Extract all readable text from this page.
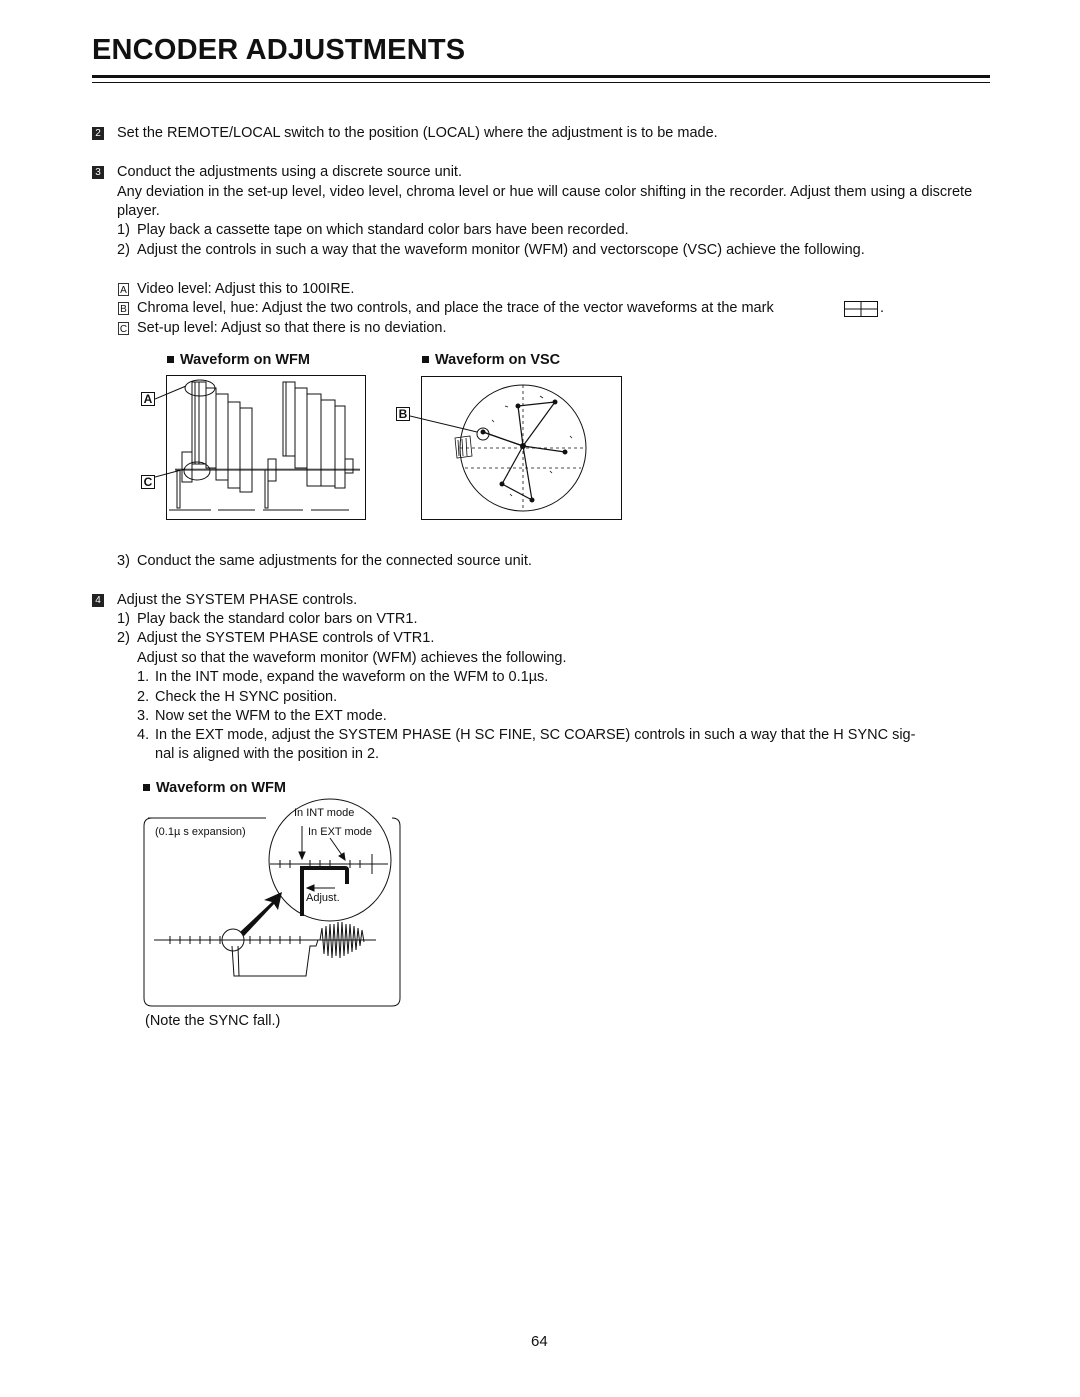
ENCODER ADJUSTMENTS
2 Set the REMOTE/LOCAL switch to the position (LOCAL) where the adjustment is to be made.
3 Conduct the adjustments using a discrete source unit.
Any deviation in the set-up level, video level, chroma level or hue will cause color shifting in the recorder. Adjust them using a discrete player.
1) Play back a cassette tape on which standard color bars have been recorded.
2) Adjust the controls in such a way that the waveform monitor (WFM) and vectorscope (VSC) achieve the following.
A Video level: Adjust this to 100IRE.
B Chroma level, hue: Adjust the two controls, and place the trace of the vector waveforms at the mark	.
C Set-up level: Adjust so that there is no deviation.
Waveform on WFM	Waveform on VSC
A
C
B
3) Conduct the same adjustments for the connected source unit.
4 Adjust the SYSTEM PHASE controls.
1) Play back the standard color bars on VTR1.
2) Adjust the SYSTEM PHASE controls of VTR1.
Adjust so that the waveform monitor (WFM) achieves the following.
1. In the INT mode, expand the waveform on the WFM to 0.1µs.
2. Check the H SYNC position.
3. Now set the WFM to the EXT mode.
4. In the EXT mode, adjust the SYSTEM PHASE (H SC FINE, SC COARSE) controls in such a way that the H SYNC sig-
nal is aligned with the position in 2.
Waveform on WFM
In INT mode
(0.1µ s expansion)	In EXT mode
Adjust.
(Note the SYNC fall.)
64
